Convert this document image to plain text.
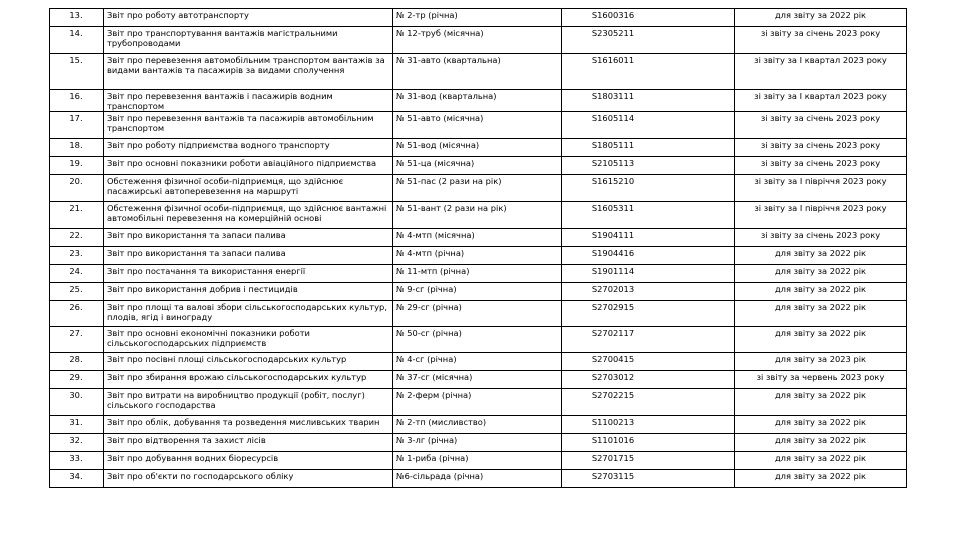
13.	Звіт про роботу автотранспорту	№ 2-тр (річна)	S1600316	для звіту за 2022 рік
14.	Звіт про транспортування вантажів магістральними трубопроводами	№ 12-труб (місячна)	S2305211	зі звіту за січень 2023 року
15.	Звіт про перевезення автомобільним транспортом вантажів за видами вантажів та пасажирів за видами сполучення	№ 31-авто (квартальна)	S1616011	зі звіту за І квартал 2023 року
16.	Звіт про перевезення вантажів і пасажирів водним транспортом	№ 31-вод (квартальна)	S1803111	зі звіту за І квартал 2023 року
17.	Звіт про перевезення вантажів та пасажирів автомобільним транспортом	№ 51-авто (місячна)	S1605114	зі звіту за січень 2023 року
18.	Звіт про роботу підприємства водного транспорту	№ 51-вод (місячна)	S1805111	зі звіту за січень 2023 року
19.	Звіт про основні показники роботи авіаційного підприємства	№ 51-ца (місячна)	S2105113	зі звіту за січень 2023 року
20.	Обстеження фізичної особи-підприємця, що здійснює пасажирські автоперевезення на маршруті	№ 51-пас (2 рази на рік)	S1615210	зі звіту за І півріччя 2023 року
21.	Обстеження фізичної особи-підприємця, що здійснює вантажні автомобільні перевезення на комерційній основі	№ 51-вант (2 рази на рік)	S1605311	зі звіту за І півріччя 2023 року
22.	Звіт про використання та запаси палива	№ 4-мтп (місячна)	S1904111	зі звіту за січень 2023 року
23.	Звіт про використання та запаси палива	№ 4-мтп (річна)	S1904416	для звіту за 2022 рік
24.	Звіт про постачання та використання енергії	№ 11-мтп (річна)	S1901114	для звіту за 2022 рік
25.	Звіт про використання добрив і пестицидів	№ 9-сг (річна)	S2702013	для звіту за 2022 рік
26.	Звіт про площі та валові збори сільськогосподарських культур, плодів, ягід і винограду	№ 29-сг (річна)	S2702915	для звіту за 2022 рік
27.	Звіт про основні економічні показники роботи сільськогосподарських підприємств	№ 50-сг (річна)	S2702117	для звіту за 2022 рік
28.	Звіт про посівні площі сільськогосподарських культур	№ 4-сг (річна)	S2700415	для звіту за 2023 рік
29.	Звіт про збирання врожаю сільськогосподарських культур	№ 37-сг (місячна)	S2703012	зі звіту за червень 2023 року
30.	Звіт про витрати на виробництво продукції (робіт, послуг) сільського господарства	№ 2-ферм (річна)	S2702215	для звіту за 2022 рік
31.	Звіт про облік, добування та розведення мисливських тварин	№ 2-тп (мисливство)	S1100213	для звіту за 2022 рік
32.	Звіт про відтворення та захист лісів	№ 3-лг (річна)	S1101016	для звіту за 2022 рік
33.	Звіт про добування водних біоресурсів	№ 1-риба (річна)	S2701715	для звіту за 2022 рік
34.	Звіт про об'єкти по господарського обліку	№6-сільрада (річна)	S2703115	для звіту за 2022 рік
